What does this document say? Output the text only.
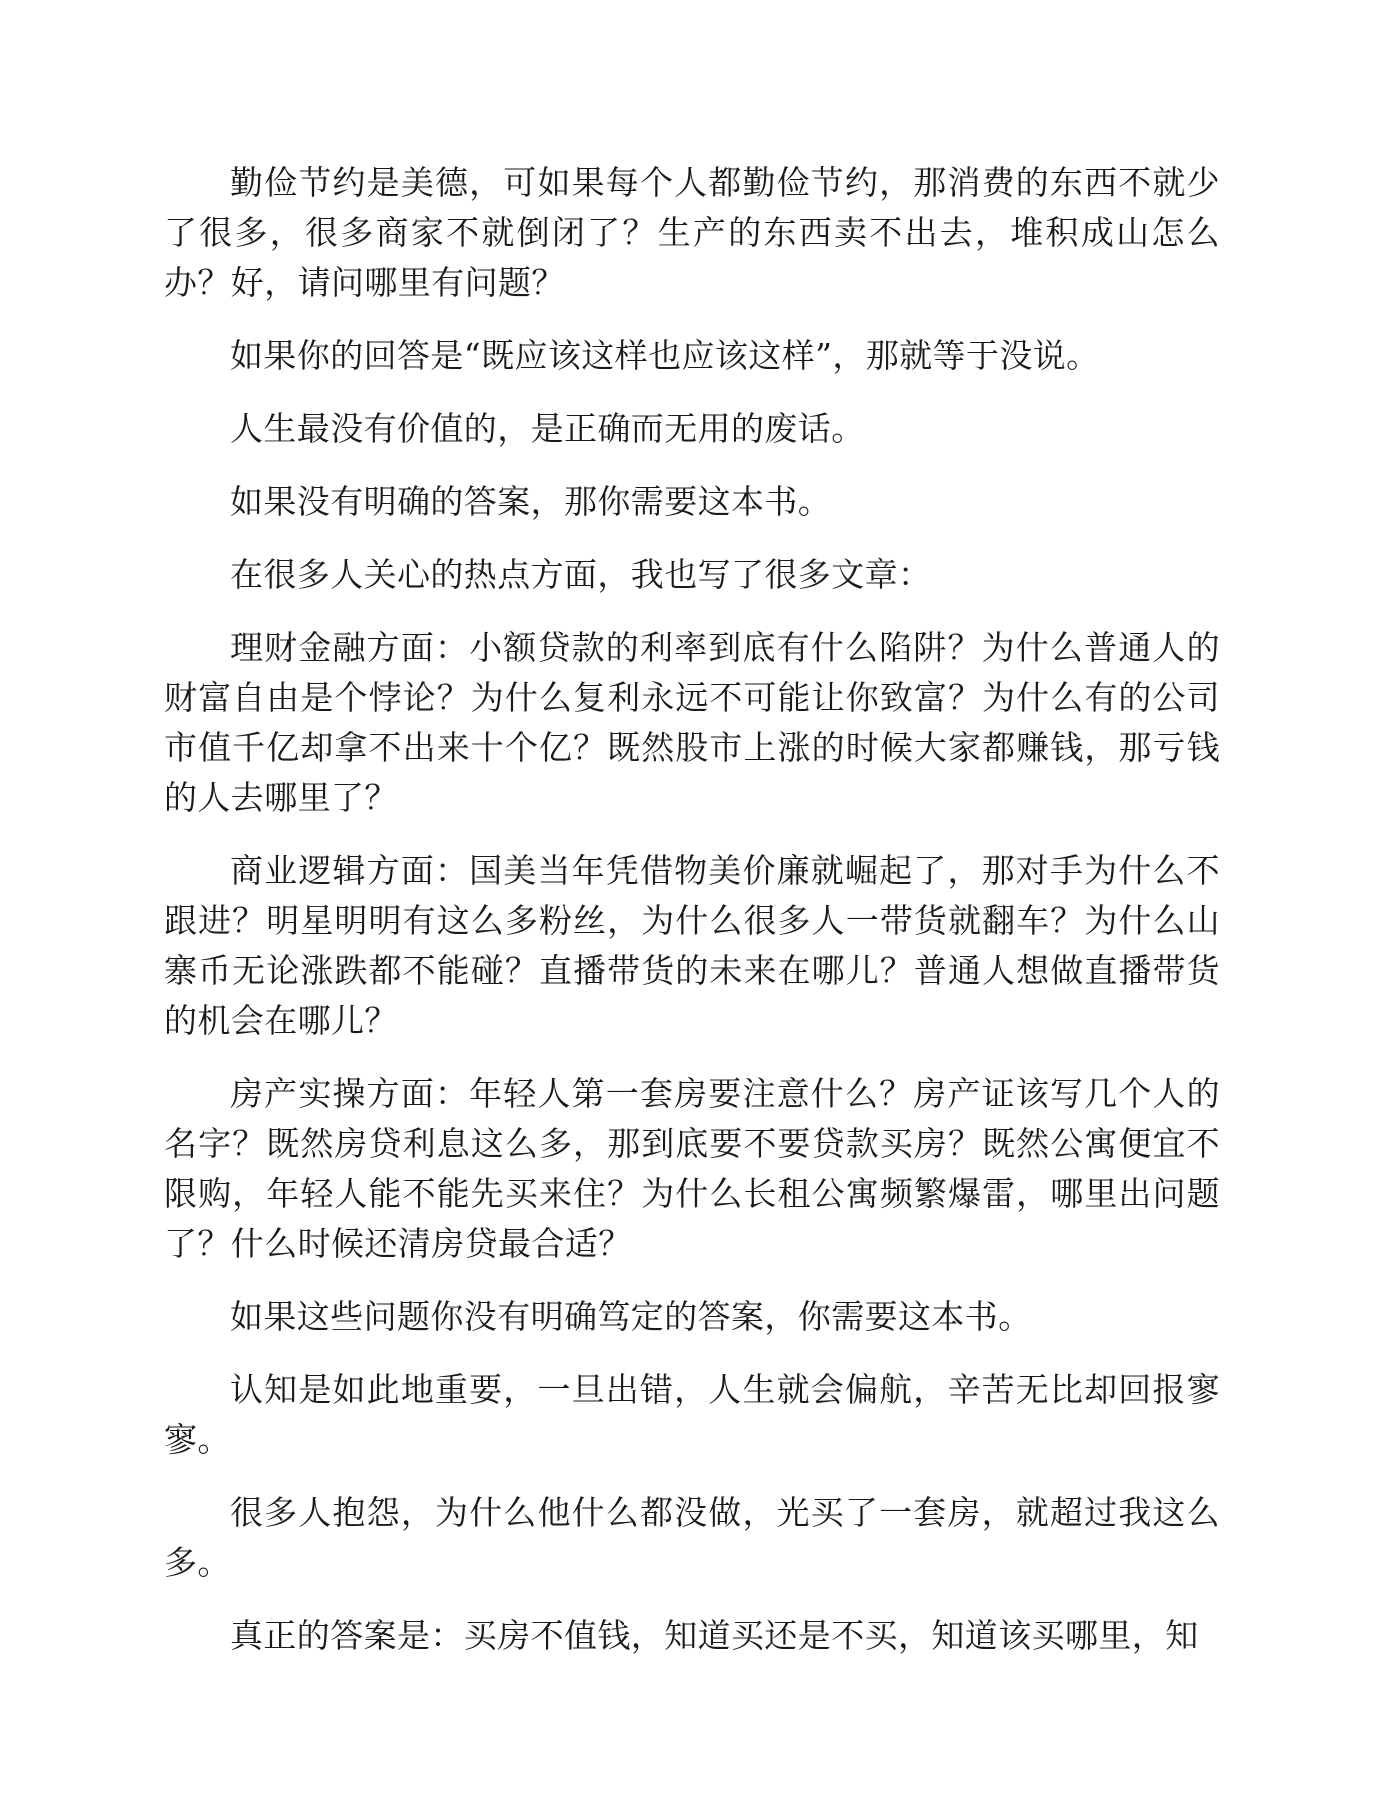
勤俭节约是美德，可如果每个人都勤俭节约，那消费的东西不就少了很多，很多商家不就倒闭了？生产的东西卖不出去，堆积成山怎么办？好，请问哪里有问题？

如果你的回答是“既应该这样也应该这样”，那就等于没说。

人生最没有价值的，是正确而无用的废话。

如果没有明确的答案，那你需要这本书。

在很多人关心的热点方面，我也写了很多文章：

理财金融方面：小额贷款的利率到底有什么陷阱？为什么普通人的财富自由是个悖论？为什么复利永远不可能让你致富？为什么有的公司市值千亿却拿不出来十个亿？既然股市上涨的时候大家都赚钱，那亏钱的人去哪里了？

商业逻辑方面：国美当年凭借物美价廉就崛起了，那对手为什么不跟进？明星明明有这么多粉丝，为什么很多人一带货就翻车？为什么山寨币无论涨跌都不能碰？直播带货的未来在哪儿？普通人想做直播带货的机会在哪儿？

房产实操方面：年轻人第一套房要注意什么？房产证该写几个人的名字？既然房贷利息这么多，那到底要不要贷款买房？既然公寓便宜不限购，年轻人能不能先买来住？为什么长租公寓频繁爆雷，哪里出问题了？什么时候还清房贷最合适？

如果这些问题你没有明确笃定的答案，你需要这本书。

认知是如此地重要，一旦出错，人生就会偏航，辛苦无比却回报寥寥。

很多人抱怨，为什么他什么都没做，光买了一套房，就超过我这么多。

真正的答案是：买房不值钱，知道买还是不买，知道该买哪里，知
